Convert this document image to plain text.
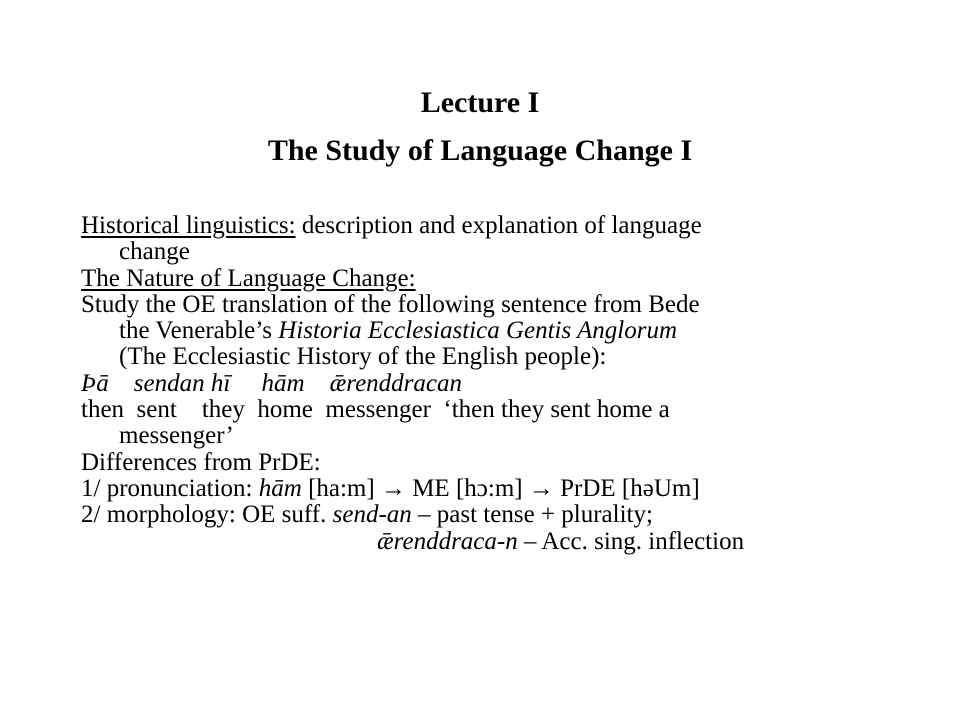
Lecture I
The Study of Language Change I
Historical linguistics: description and explanation of language
change
The Nature of Language Change:
Study the OE translation of the following sentence from Bede
the Venerable’s Historia Ecclesiastica Gentis Anglorum
(The Ecclesiastic History of the English people):
Þā    sendan hī     hām    ǣrenddracan
then  sent    they  home  messenger  ‘then they sent home a
messenger’
Differences from PrDE:
1/ pronunciation: hām [ha:m] → ME [hɔ:m] → PrDE [həUm]
2/ morphology: OE suff. send-an – past tense + plurality;
ǣrenddraca-n – Acc. sing. inflection
